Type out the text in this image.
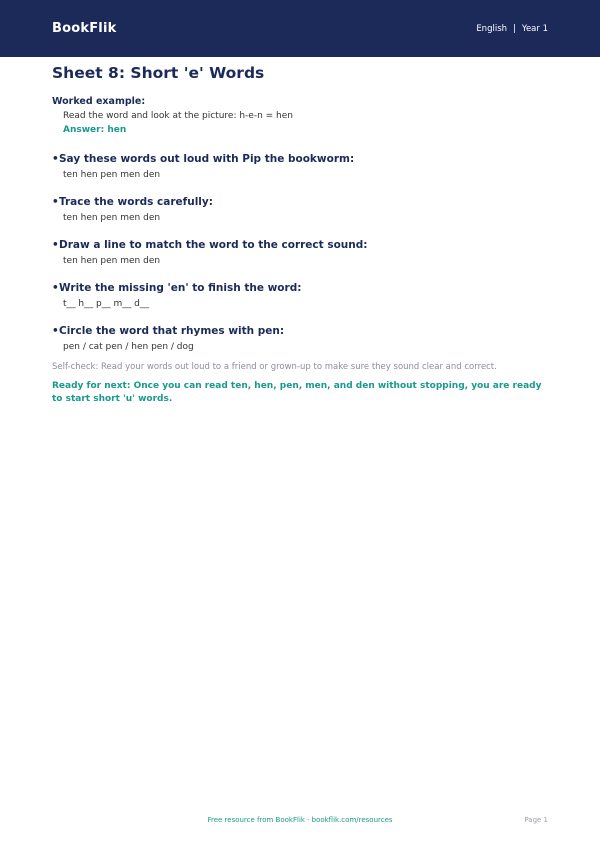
BookFlik	English | Year 1
Sheet 8: Short 'e' Words
Worked example:
Read the word and look at the picture: h-e-n = hen
Answer: hen
• Say these words out loud with Pip the bookworm:
ten hen pen men den
• Trace the words carefully:
ten hen pen men den
• Draw a line to match the word to the correct sound:
ten hen pen men den
• Write the missing 'en' to finish the word:
t__ h__ p__ m__ d__
• Circle the word that rhymes with pen:
pen / cat pen / hen pen / dog

Self-check: Read your words out loud to a friend or grown-up to make sure they sound clear and correct.

Ready for next: Once you can read ten, hen, pen, men, and den without stopping, you are ready to start short 'u' words.

Free resource from BookFlik · bookflik.com/resources	Page 1
